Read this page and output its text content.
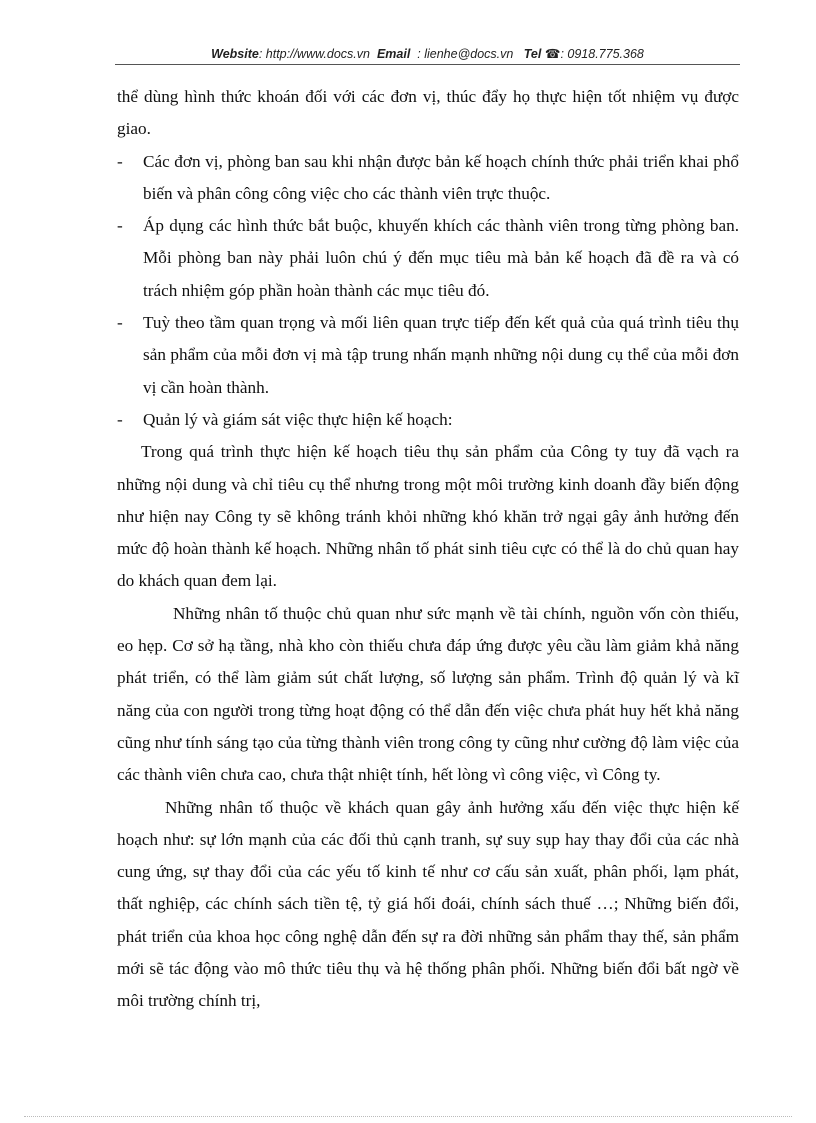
Website: http://www.docs.vn Email : lienhe@docs.vn Tel ☎: 0918.775.368

thể dùng hình thức khoán đối với các đơn vị, thúc đẩy họ thực hiện tốt nhiệm vụ được giao.

-	Các đơn vị, phòng ban sau khi nhận được bản kế hoạch chính thức phải triển khai phổ biến và phân công công việc cho các thành viên trực thuộc.
-	Áp dụng các hình thức bắt buộc, khuyến khích các thành viên trong từng phòng ban. Mỗi phòng ban này phải luôn chú ý đến mục tiêu mà bản kế hoạch đã đề ra và có trách nhiệm góp phần hoàn thành các mục tiêu đó.
-	Tuỳ theo tầm quan trọng và mối liên quan trực tiếp đến kết quả của quá trình tiêu thụ sản phẩm của mỗi đơn vị mà tập trung nhấn mạnh những nội dung cụ thể của mỗi đơn vị cần hoàn thành.
-	Quản lý và giám sát việc thực hiện kế hoạch:

Trong quá trình thực hiện kế hoạch tiêu thụ sản phẩm của Công ty tuy đã vạch ra những nội dung và chỉ tiêu cụ thể nhưng trong một môi trường kinh doanh đầy biến động như hiện nay Công ty sẽ không tránh khỏi những khó khăn trở ngại gây ảnh hưởng đến mức độ hoàn thành kế hoạch. Những nhân tố phát sinh tiêu cực có thể là do chủ quan hay do khách quan đem lại.

Những nhân tố thuộc chủ quan như sức mạnh về tài chính, nguồn vốn còn thiếu, eo hẹp. Cơ sở hạ tầng, nhà kho còn thiếu chưa đáp ứng được yêu cầu làm giảm khả năng phát triển, có thể làm giảm sút chất lượng, số lượng sản phẩm. Trình độ quản lý và kĩ năng của con người trong từng hoạt động có thể dẫn đến việc chưa phát huy hết khả năng cũng như tính sáng tạo của từng thành viên trong công ty cũng như cường độ làm việc của các thành viên chưa cao, chưa thật nhiệt tính, hết lòng vì công việc, vì Công ty.

Những nhân tố thuộc về khách quan gây ảnh hưởng xấu đến việc thực hiện kế hoạch như: sự lớn mạnh của các đối thủ cạnh tranh, sự suy sụp hay thay đổi của các nhà cung ứng, sự thay đổi của các yếu tố kinh tế như cơ cấu sản xuất, phân phối, lạm phát, thất nghiệp, các chính sách tiền tệ, tỷ giá hối đoái, chính sách thuế …; Những biến đổi, phát triển của khoa học công nghệ dẫn đến sự ra đời những sản phẩm thay thế, sản phẩm mới sẽ tác động vào mô thức tiêu thụ và hệ thống phân phối. Những biến đổi bất ngờ về môi trường chính trị,
